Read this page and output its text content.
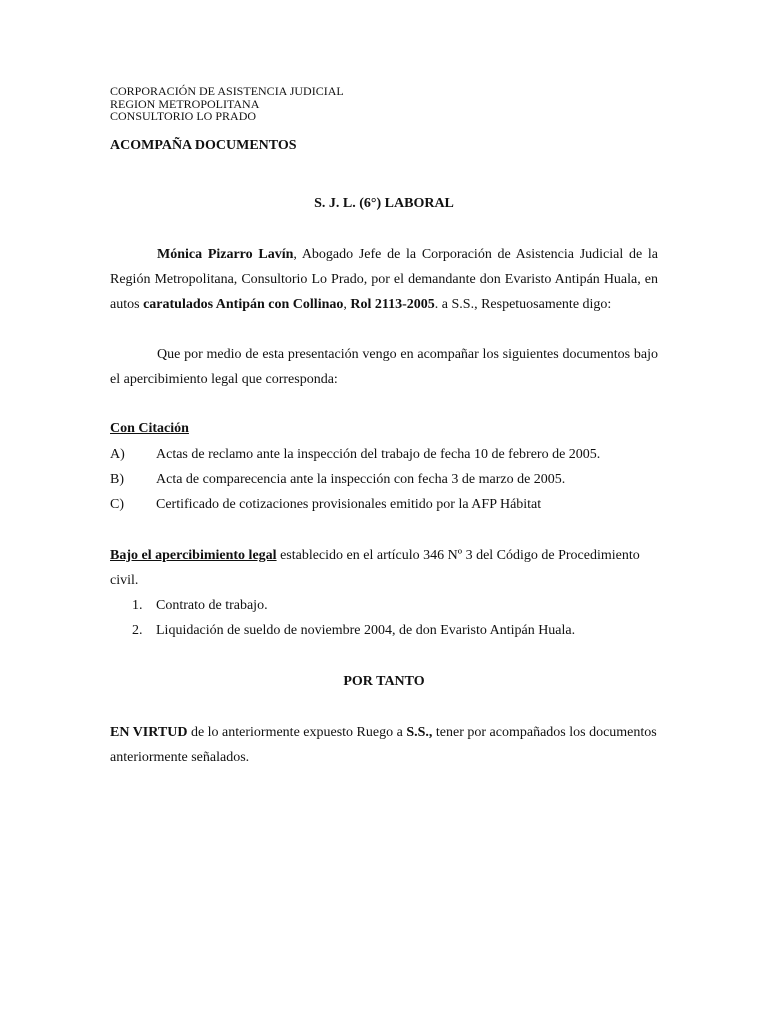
CORPORACIÓN DE ASISTENCIA JUDICIAL
REGION METROPOLITANA
CONSULTORIO LO PRADO
ACOMPAÑA DOCUMENTOS
S. J. L. (6°) LABORAL
Mónica Pizarro Lavín, Abogado Jefe de la Corporación de Asistencia Judicial de la Región Metropolitana, Consultorio Lo Prado, por el demandante don Evaristo Antipán Huala, en autos caratulados Antipán con Collinao, Rol 2113-2005. a S.S., Respetuosamente digo:
Que por medio de esta presentación vengo en acompañar los siguientes documentos bajo el apercibimiento legal que corresponda:
Con Citación
A) Actas de reclamo ante la inspección del trabajo de fecha 10 de febrero de 2005.
B) Acta de comparecencia ante la inspección con fecha 3 de marzo de 2005.
C) Certificado de cotizaciones provisionales emitido por la AFP Hábitat
Bajo el apercibimiento legal establecido en el artículo 346 Nº 3 del Código de Procedimiento civil.
1. Contrato de trabajo.
2. Liquidación de sueldo de noviembre 2004, de don Evaristo Antipán Huala.
POR TANTO
EN VIRTUD de lo anteriormente expuesto Ruego a S.S., tener por acompañados los documentos anteriormente señalados.
